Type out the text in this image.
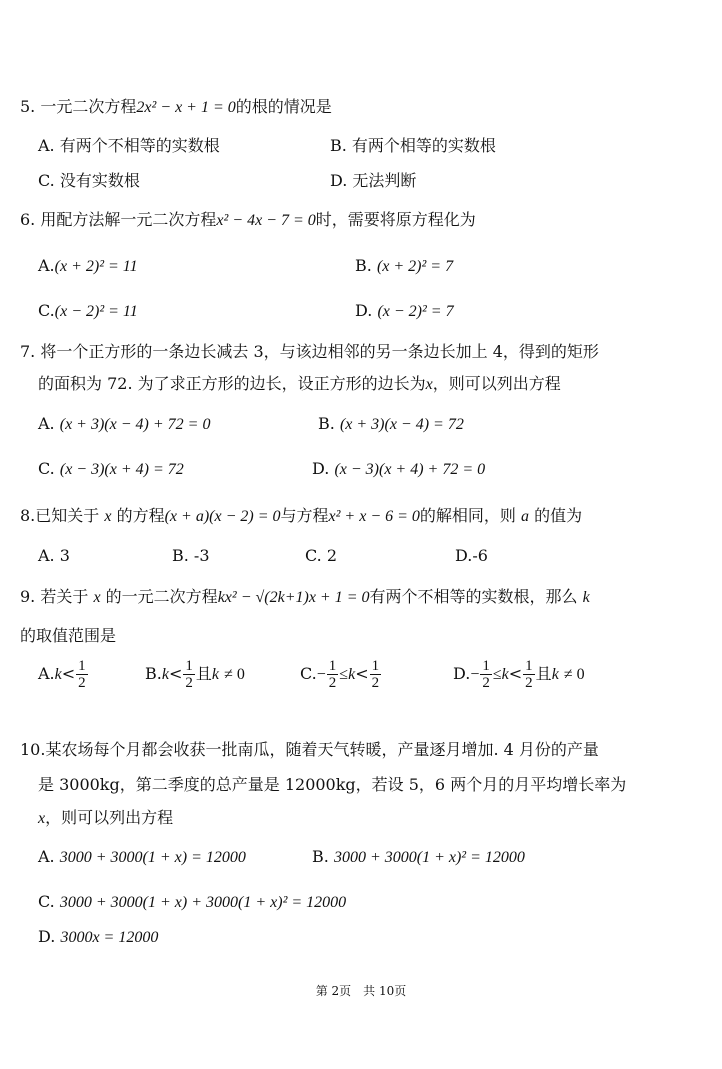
5. 一元二次方程2x² − x + 1 = 0的根的情况是
A. 有两个不相等的实数根	B. 有两个相等的实数根
C. 没有实数根	D. 无法判断
6. 用配方法解一元二次方程x² − 4x − 7 = 0时，需要将原方程化为
A.(x + 2)² = 11	B. (x + 2)² = 7
C.(x − 2)² = 11	D. (x − 2)² = 7
7. 将一个正方形的一条边长减去 3，与该边相邻的另一条边长加上 4，得到的矩形
的面积为 72. 为了求正方形的边长，设正方形的边长为x，则可以列出方程
A. (x + 3)(x − 4) + 72 = 0	B. (x + 3)(x − 4) = 72
C. (x − 3)(x + 4) = 72	D. (x − 3)(x + 4) + 72 = 0
8.已知关于 x 的方程(x + a)(x − 2) = 0与方程x² + x − 6 = 0的解相同，则 a 的值为
A. 3	B. -3	C. 2	D.-6
9. 若关于 x 的一元二次方程kx² − √(2k+1)x + 1 = 0有两个不相等的实数根，那么 k
的取值范围是
$A.k< \frac{1}{2}$	$B.k< \frac{1}{2}$ 且k ≠ 0	$C.- \frac{1}{2} \le k< \frac{1}{2}$	$D.- \frac{1}{2} \le k< \frac{1}{2}$ 且k ≠ 0
10.某农场每个月都会收获一批南瓜，随着天气转暖，产量逐月增加. 4 月份的产量
是 3000kg，第二季度的总产量是 12000kg，若设 5，6 两个月的月平均增长率为
x，则可以列出方程
A. 3000 + 3000(1 + x) = 12000	B. 3000 + 3000(1 + x)² = 12000
C. 3000 + 3000(1 + x) + 3000(1 + x)² = 12000
D. 3000x = 12000
第 2页　共 10页
